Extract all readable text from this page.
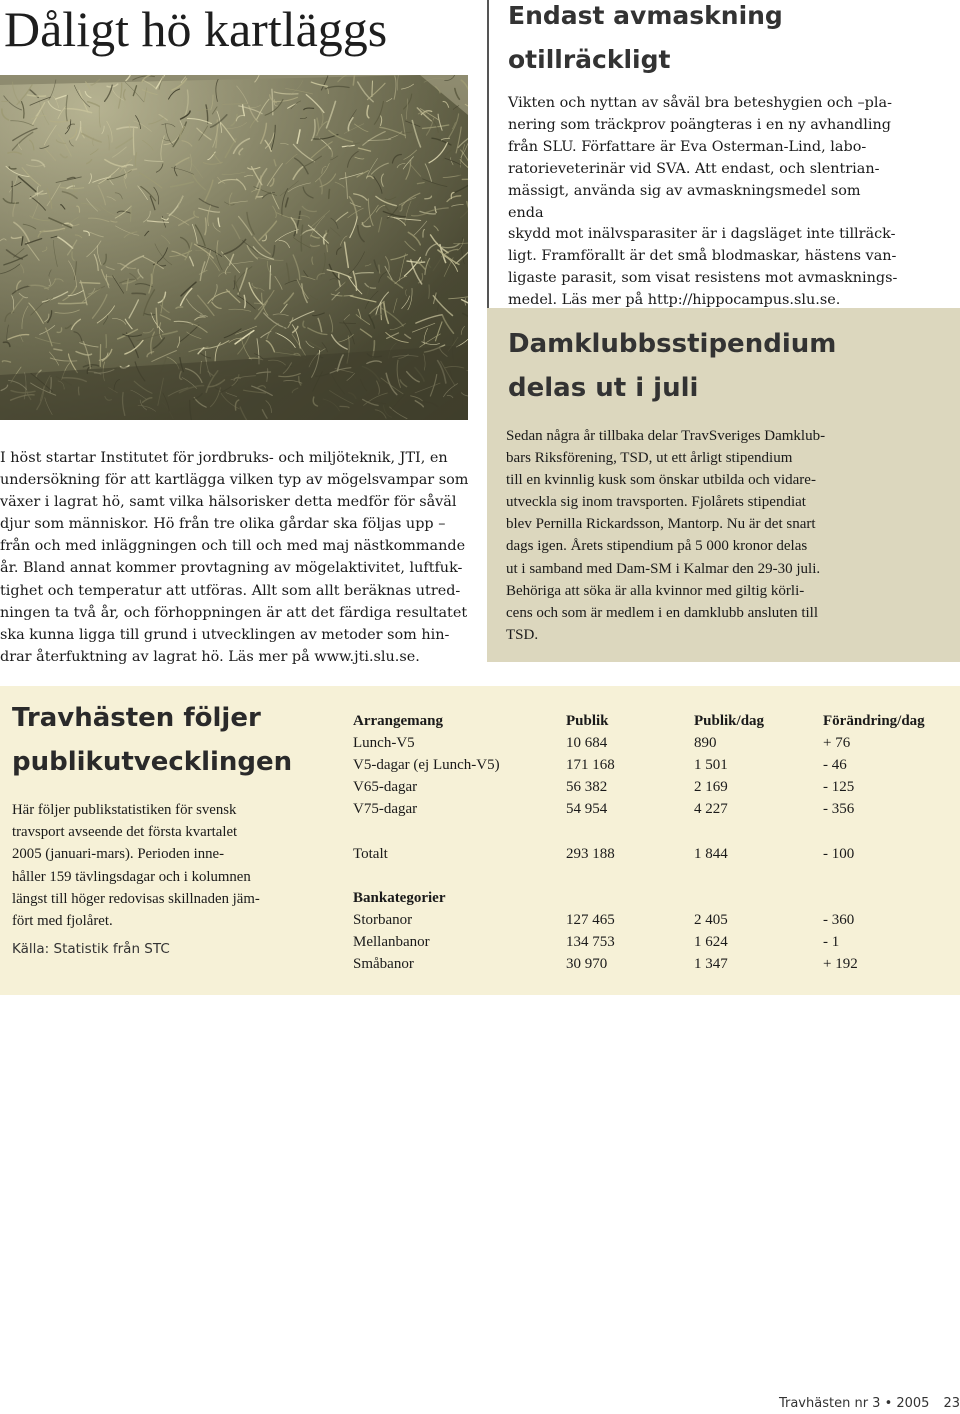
Dåligt hö kartläggs
I höst startar Institutet för jordbruks- och miljöteknik, JTI, en
undersökning för att kartlägga vilken typ av mögelsvampar som
växer i lagrat hö, samt vilka hälsorisker detta medför för såväl
djur som människor. Hö från tre olika gårdar ska följas upp –
från och med inläggningen och till och med maj nästkommande
år. Bland annat kommer provtagning av mögelaktivitet, luftfuk-
tighet och temperatur att utföras. Allt som allt beräknas utred-
ningen ta två år, och förhoppningen är att det färdiga resultatet
ska kunna ligga till grund i utvecklingen av metoder som hin-
drar återfuktning av lagrat hö. Läs mer på www.jti.slu.se.
Endast avmaskning
otillräckligt
Vikten och nyttan av såväl bra beteshygien och –pla-
nering som träckprov poängteras i en ny avhandling
från SLU. Författare är Eva Osterman-Lind, labo-
ratorieveterinär vid SVA. Att endast, och slentrian-
mässigt, använda sig av avmaskningsmedel som enda
skydd mot inälvsparasiter är i dagsläget inte tillräck-
ligt. Framförallt är det små blodmaskar, hästens van-
ligaste parasit, som visat resistens mot avmasknings-
medel. Läs mer på http://hippocampus.slu.se.
Damklubbsstipendium
delas ut i juli
Sedan några år tillbaka delar TravSveriges Damklub-
bars Riksförening, TSD, ut ett årligt stipendium
till en kvinnlig kusk som önskar utbilda och vidare-
utveckla sig inom travsporten. Fjolårets stipendiat
blev Pernilla Rickardsson, Mantorp. Nu är det snart
dags igen. Årets stipendium på 5 000 kronor delas
ut i samband med Dam-SM i Kalmar den 29-30 juli.
Behöriga att söka är alla kvinnor med giltig körli-
cens och som är medlem i en damklubb ansluten till
TSD.
Travhästen följer
publikutvecklingen
Här följer publikstatistiken för svensk
travsport avseende det första kvartalet
2005 (januari-mars). Perioden inne-
håller 159 tävlingsdagar och i kolumnen
längst till höger redovisas skillnaden jäm-
fört med fjolåret.
Källa: Statistik från STC
Arrangemang	Publik	Publik/dag	Förändring/dag
Lunch-V5	10 684	890	+ 76
V5-dagar (ej Lunch-V5)	171 168	1 501	- 46
V65-dagar	56 382	2 169	- 125
V75-dagar	54 954	4 227	- 356

Totalt	293 188	1 844	- 100

Bankategorier			
Storbanor	127 465	2 405	- 360
Mellanbanor	134 753	1 624	- 1
Småbanor	30 970	1 347	+ 192
Travhästen nr 3 • 2005 23
